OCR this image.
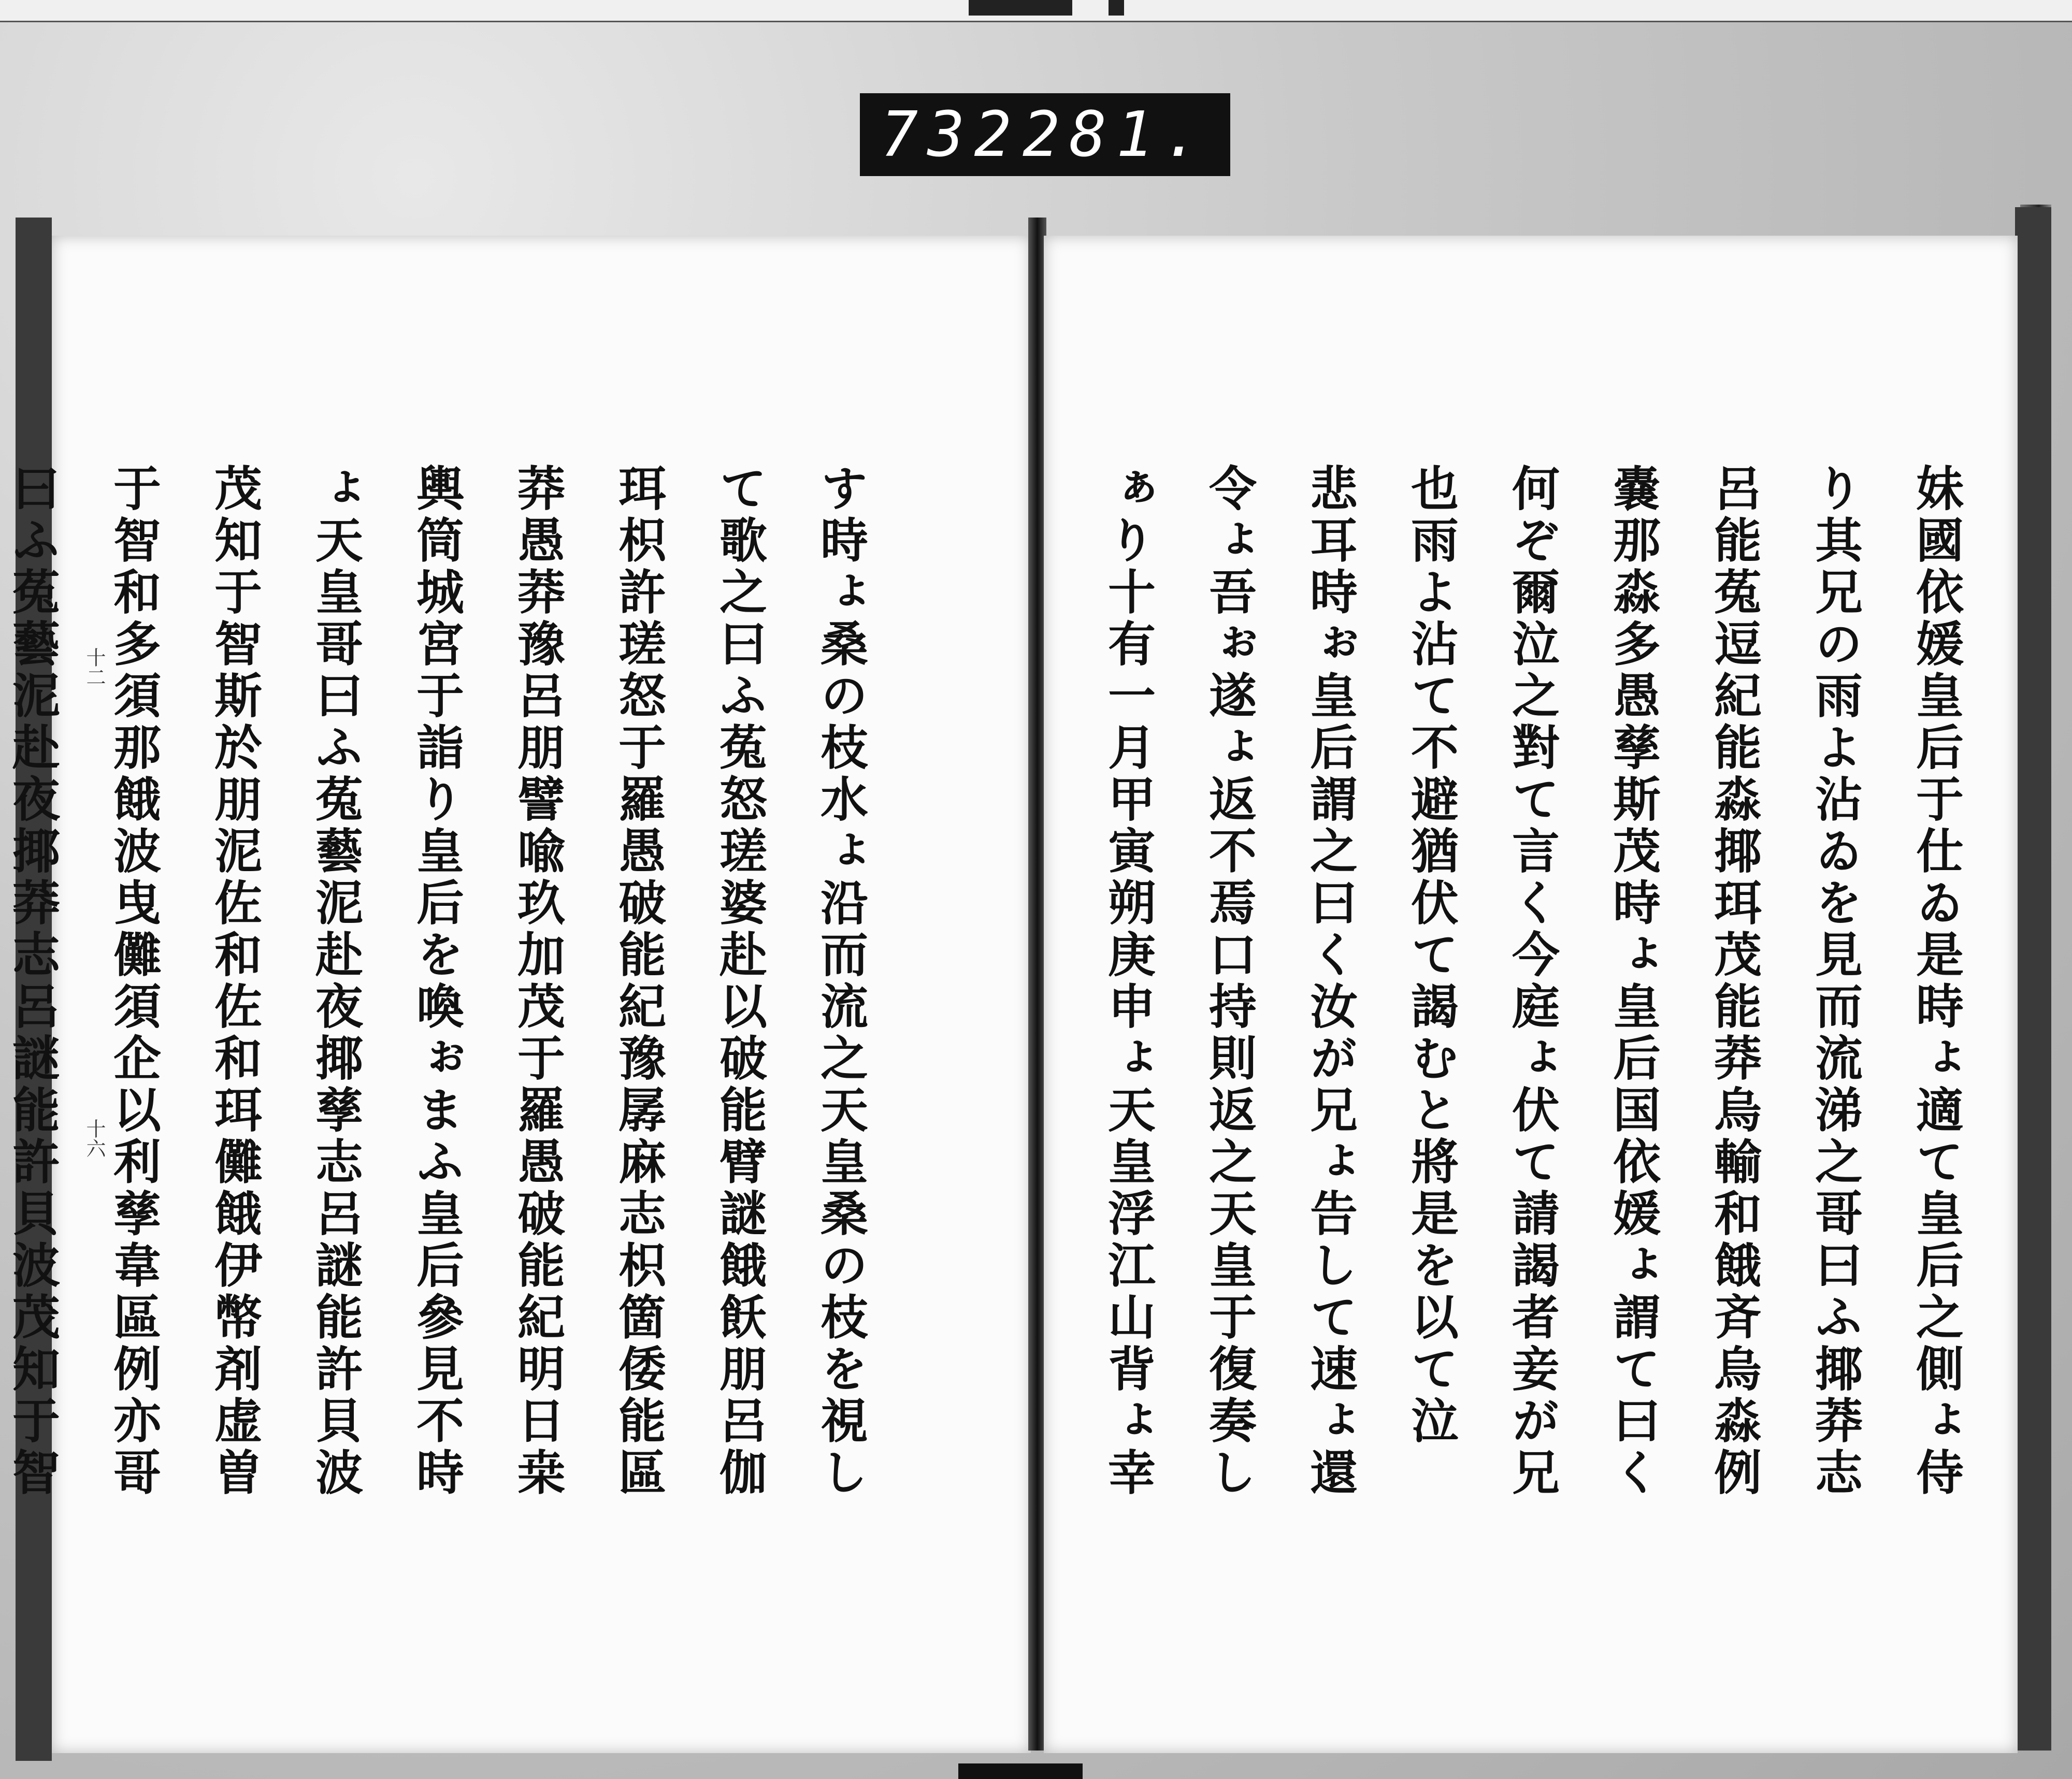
732 281.

す時ょ桑の枝水ょ沿而流之天皇桑の枝を視し

て歌之曰ふ菟怒瑳婆赴以破能臂謎餓飫朋呂伽

珥枳許瑳怒于羅愚破能紀豫孱麻志枳箇倭能區

莽愚莽豫呂朋譬喩玖加茂于羅愚破能紀明日桒

輿筒城宮于詣り皇后を喚ぉまふ皇后參見不時

ょ天皇哥曰ふ菟藝泥赴夜揶孳志呂謎能許貝波

茂知于智斯於朋泥佐和佐和珥儺餓伊幣剤虚曽

于智和多須那餓波曳儺須企以利孳韋區例亦哥

曰ふ菟藝泥赴夜揶莽志呂謎能許貝波茂知于智	十二
十六	妹國依媛皇后于仕ゐ是時ょ適て皇后之側ょ侍

り其兄の雨よ沾ゐを見而流涕之哥曰ふ揶莽志

呂能菟逗紀能淼揶珥茂能莽烏輸和餓斉烏淼例

嚢那淼多愚孳斯茂時ょ皇后国依媛ょ謂て曰く

何ぞ爾泣之對て言く今庭ょ伏て請謁者妾が兄

也雨よ沾て不避猶伏て謁むと將是を以て泣

悲耳時ぉ皇后謂之曰く汝が兄ょ告して速ょ還

令ょ吾ぉ遂ょ返不焉口持則返之天皇于復奏し

ぁり十有一月甲寅朔庚申ょ天皇浮江山背ょ幸
